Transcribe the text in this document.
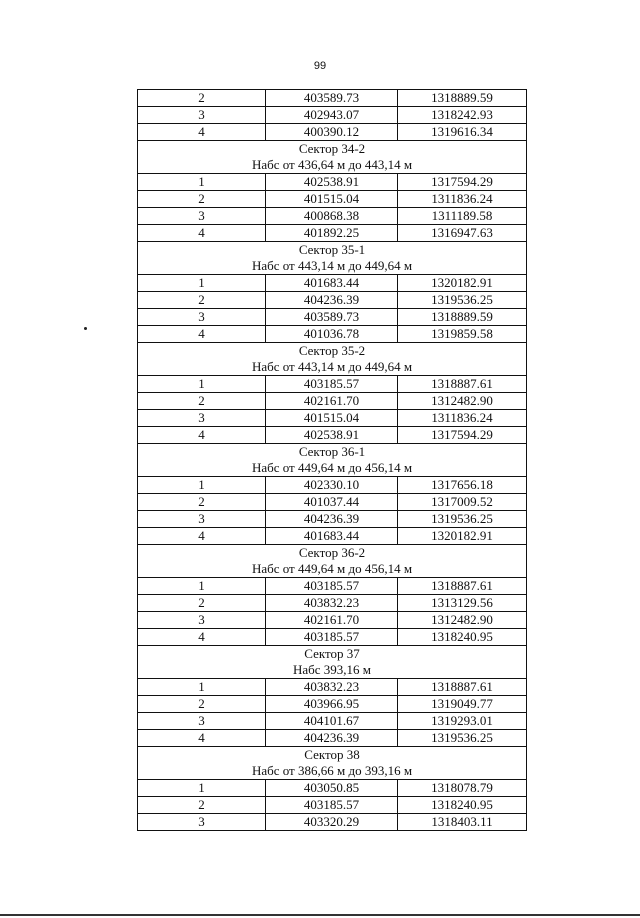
99
2	403589.73	1318889.59
3	402943.07	1318242.93
4	400390.12	1319616.34

Сектор 34-2
Набс от 436,64 м до 443,14 м		

1	402538.91	1317594.29
2	401515.04	1311836.24
3	400868.38	1311189.58
4	401892.25	1316947.63

Сектор 35-1
Набс от 443,14 м до 449,64 м		

1	401683.44	1320182.91
2	404236.39	1319536.25
3	403589.73	1318889.59
4	401036.78	1319859.58

Сектор 35-2
Набс от 443,14 м до 449,64 м		

1	403185.57	1318887.61
2	402161.70	1312482.90
3	401515.04	1311836.24
4	402538.91	1317594.29

Сектор 36-1
Набс от 449,64 м до 456,14 м		

1	402330.10	1317656.18
2	401037.44	1317009.52
3	404236.39	1319536.25
4	401683.44	1320182.91

Сектор 36-2
Набс от 449,64 м до 456,14 м		

1	403185.57	1318887.61
2	403832.23	1313129.56
3	402161.70	1312482.90
4	403185.57	1318240.95

Сектор 37
Набс 393,16 м		

1	403832.23	1318887.61
2	403966.95	1319049.77
3	404101.67	1319293.01
4	404236.39	1319536.25

Сектор 38
Набс от 386,66 м до 393,16 м		

1	403050.85	1318078.79
2	403185.57	1318240.95
3	403320.29	1318403.11
